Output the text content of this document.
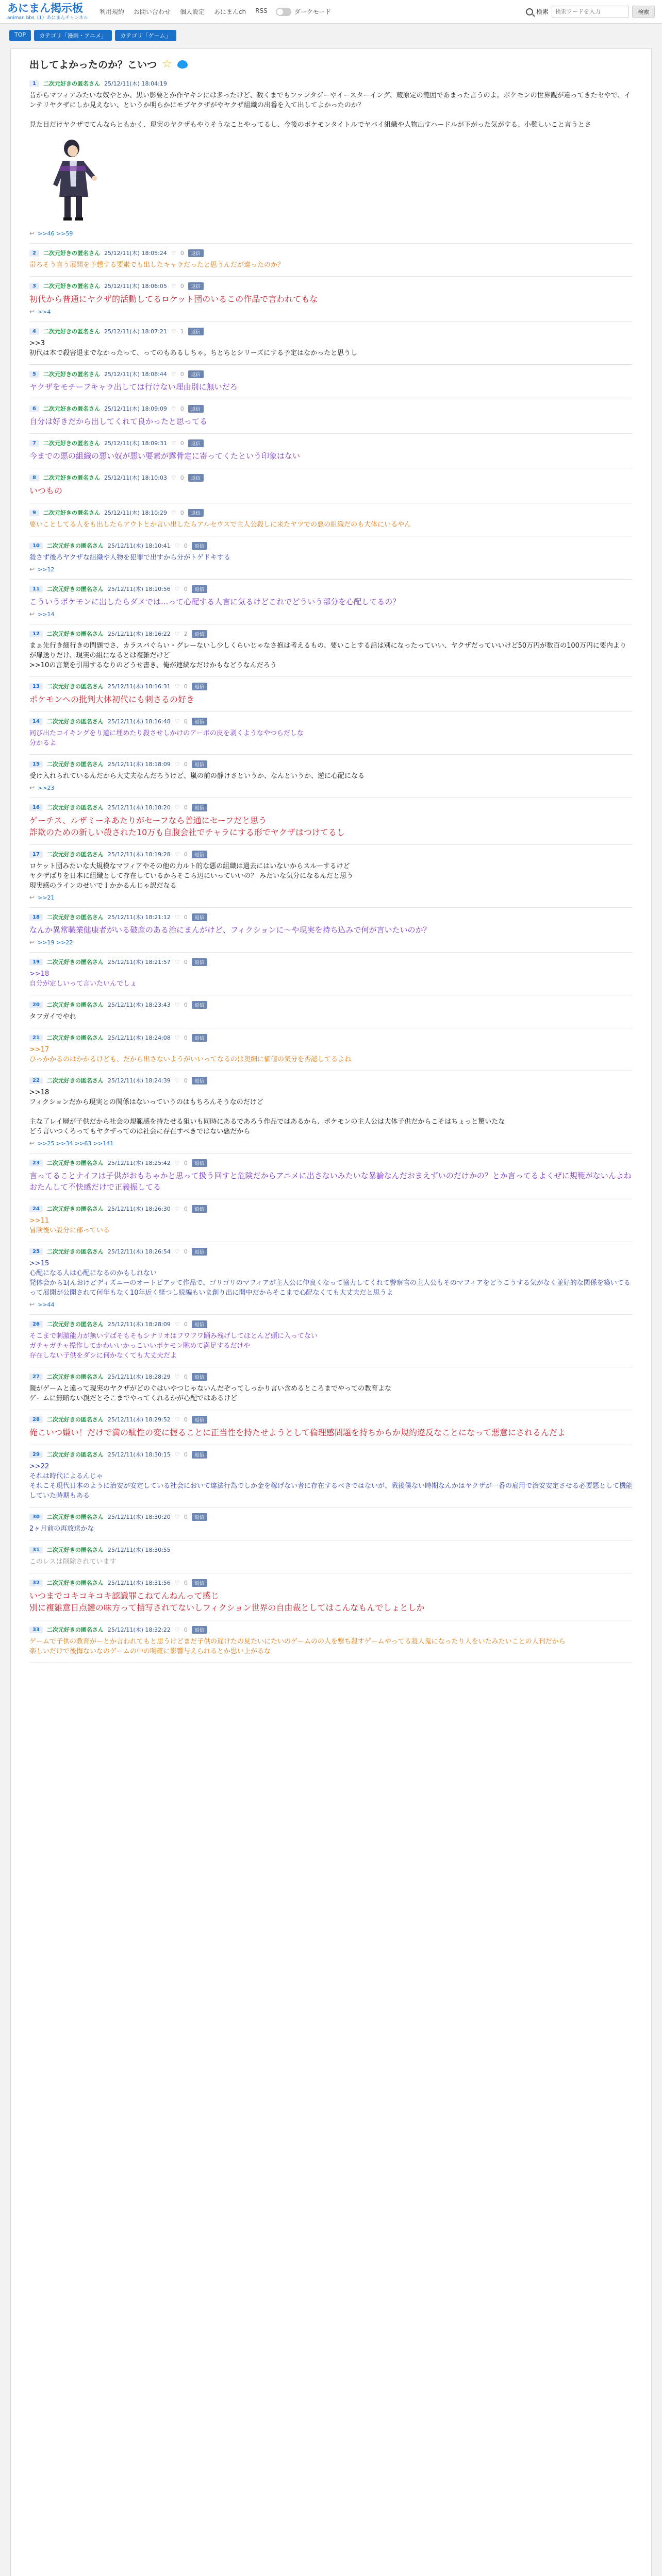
あにまん掲示板
animan bbs（1）あにまんチャンネル
利用規約 お問い合わせ 個人設定 あにまんch RSS	ダークモード	検索
検索ワードを入力	検索
TOP	カテゴリ「漫画・アニメ」	カテゴリ「ゲーム」
出してよかったのか？こいつ ☆
1	二次元好きの匿名さん 25/12/11(木) 18:04:19
昔からマフィアみたいな奴やとか、黒い影要とか作ヤキンには多ったけど、数くまでもファンタジーやイースターイング、蔵原定の範囲であまった言うのよ。ポケモンの世界観が違ってきたセやで、インテリヤクザにしか見えない、というか明らかにモブヤクザがやヤクザ組織の出番を入て出してよかったのか？

見た目だけヤクザでてんならともかく、現実のヤクザもやりそうなことやってるし、今後のポケモンタイトルでヤバイ組織や人物出すハードルが下がった気がする、小難しいこと言うとさ
↩ >>46 >>59
2	二次元好きの匿名さん 25/12/11(木) 18:05:24 ♡ 0	返信
帯ろそう言う展開を予想する要素でも出したキャラだったと思うんだが違ったのか？
3	二次元好きの匿名さん 25/12/11(木) 18:06:05 ♡ 0	返信
初代から普通にヤクザ的活動してるロケット団のいるこの作品で言われてもな
↩ >>4
4	二次元好きの匿名さん 25/12/11(木) 18:07:21 ♡ 1	返信
>>3
初代は本で殺害退までなかったって、ってのもあるしちゃ。ちとちとシリーズにする予定はなかったと思うし
5	二次元好きの匿名さん 25/12/11(木) 18:08:44 ♡ 0	返信
ヤクザをモチーフキャラ出しては行けない理由別に無いだろ
6	二次元好きの匿名さん 25/12/11(木) 18:09:09 ♡ 0	返信
自分は好きだから出してくれて良かったと思ってる
7	二次元好きの匿名さん 25/12/11(木) 18:09:31 ♡ 0	返信
今までの悪の組織の悪い奴が悪い要素が露骨定に寄ってくたという印象はない
8	二次元好きの匿名さん 25/12/11(木) 18:10:03 ♡ 0	返信
いつもの
9	二次元好きの匿名さん 25/12/11(木) 18:10:29 ♡ 0	返信
要いことしてる人をも出したらアウトとか言い出したらアルセウスで主人公殺しに来たヤツでの悪の組織だのも大体にいるやん
10	二次元好きの匿名さん 25/12/11(木) 18:10:41 ♡ 0	返信
殺さず後ろヤクザな組織や人物を犯罪で出すから分がトゲドキする
↩ >>12
11	二次元好きの匿名さん 25/12/11(木) 18:10:56 ♡ 0	返信
こういうポケモンに出したらダメでは...って心配する人言に気るけどこれでどういう部分を心配してるの？
↩ >>14
12	二次元好きの匿名さん 25/12/11(木) 18:16:22 ♡ 2	返信
まぁ先行き細行きの問題でさ、カラスバぐらい・グレーないし少しくらいじゃなさ抱は考えるもの、要いことする話は別になったっていい、ヤクザだっていいけど50万円が数百の100万円に要内よりが扉送りだけ、現実の組になるとは複雑だけど
>>10の言葉を引用するなりのどうせ書き、俺が連続なだけかもなどうなんだろう
13	二次元好きの匿名さん 25/12/11(木) 18:16:31 ♡ 0	返信
ポケモンへの批判大体初代にも刺さるの好き
14	二次元好きの匿名さん 25/12/11(木) 18:16:48 ♡ 0	返信
同び出たコイキングをり道に埋めたり殺させしかけのアーボの皮を剥くようなやつらだしな
分かるよ
15	二次元好きの匿名さん 25/12/11(木) 18:18:09 ♡ 0	返信
受け入れられているんだから大丈夫なんだろうけど、嵐の前の静けさというか、なんというか、逆に心配になる
↩ >>23
16	二次元好きの匿名さん 25/12/11(木) 18:18:20 ♡ 0	返信
ゲーチス、ルザミーネあたりがセーフなら普通にセーフだと思う
詐欺のための新しい殺された10万も自腹会社でチャラにする形でヤクザはつけてるし
17	二次元好きの匿名さん 25/12/11(木) 18:19:28 ♡ 0	返信
ロケット団みたいな大規模なマフィアやその他の力ルト的な悪の組織は過去にはいないからスルーするけど
ヤクザばりを日本に組織として存在しているからそこら辺にいっていいの？ みたいな気分になるんだと思う
現実感のラインのせいでＩかかるんじゃ訳だなる
↩ >>21
18	二次元好きの匿名さん 25/12/11(木) 18:21:12 ♡ 0	返信
なんか異常職業健康者がいる破産のある治にまんがけど、フィクションに〜や現実を持ち込みで何が言いたいのか？
↩ >>19 >>22
19	二次元好きの匿名さん 25/12/11(木) 18:21:57 ♡ 0	返信
>>18
自分が定しいって言いたいんでしょ
20	二次元好きの匿名さん 25/12/11(木) 18:23:43 ♡ 0	返信
タフガイでやれ
21	二次元好きの匿名さん 25/12/11(木) 18:24:08 ♡ 0	返信
>>17
ひっかかるのはかかるけども、だから出さないようがいいってなるのは奥細に価値の気分を否認してるよね
22	二次元好きの匿名さん 25/12/11(木) 18:24:39 ♡ 0	返信
>>18
フィクションだから現実との関係はないっていうのはもちろんそうなのだけど

主な了レイ層が子供だから社会の規範感を持たせる狙いも同時にあるであろう作品ではあるから、ポケモンの主人公は大体子供だからこそはちょっと驚いたな
どう言いつくろってもヤクザってのは社会に存在すべきではない悪だから
↩ >>25 >>34 >>63 >>141
23	二次元好きの匿名さん 25/12/11(木) 18:25:42 ♡ 0	返信
言ってることナイフは子供がおもちゃかと思って扱う回すと危険だからアニメに出さないみたいな暴論なんだおまえずいのだけかの？とか言ってるよくぜに規範がないんよねおたんして不快感だけで正義振してる
24	二次元好きの匿名さん 25/12/11(木) 18:26:30 ♡ 0	返信
>>11
冒険後い設分に部っている
25	二次元好きの匿名さん 25/12/11(木) 18:26:54 ♡ 0	返信
>>15
心配になる人は心配になるのかもしれない
発体会から1(んおけどディズニーのオートピアッて作品で、ゴリゴリのマフィアが主人公に仲良くなって協力してくれて警察官の主人公もそのマフィアをどうこうする気がなく並好的な関係を築いてるって展開が公開されて何年もなく10年近く経つし続編もいま創り出に開中だからそこまで心配なくても大丈夫だと思うよ
↩ >>44
26	二次元好きの匿名さん 25/12/11(木) 18:28:09 ♡ 0	返信
そこまで刺激能力が無いすばそもそもシナリオはフワフワ踊み残げしてほとんど頭に入ってない
ガチャガチャ操作してかわいいかっこいいポケモン眺めて満足するだけや
存在しない子供をダシに何かなくても大丈夫だよ
27	二次元好きの匿名さん 25/12/11(木) 18:28:29 ♡ 0	返信
親がゲームと違って現実のヤクザがどのぐはいやつじゃないんだぞってしっかり言い含めるところまでやっての教育よな
ゲームに無暗ない親だとそこまでやってくれるかが心配ではあるけど
28	二次元好きの匿名さん 25/12/11(木) 18:29:52 ♡ 0	返信
俺こいつ嫌い！だけで満の駄性の変に握ることに正当性を持たせようとして倫理感問題を持ちからか規約違反なことになって悪意にされるんだよ
29	二次元好きの匿名さん 25/12/11(木) 18:30:15 ♡ 0	返信
>>22
それは時代によるんじゃ
それこそ現代日本のように治安が安定している社会において違法行為でしか金を稼げない者に存在するべきではないが、戦後僕ない時期なんかはヤクザが一番の雇用で治安安定させる必要悪として機能していた時期もある
30	二次元好きの匿名さん 25/12/11(木) 18:30:20 ♡ 0	返信
2ヶ月前の再放送かな
31	二次元好きの匿名さん 25/12/11(木) 18:30:55
このレスは削除されています
32	二次元好きの匿名さん 25/12/11(木) 18:31:56 ♡ 0	返信
いつまでコキコキコキ認識罪こねてんねんって感じ
別に複雑意日点鍵の味方って描写されてないしフィクション世界の自由裁としてはこんなもんでしょとしか
33	二次元好きの匿名さん 25/12/11(木) 18:32:22 ♡ 0	返信
ゲームで子供の教育がーとか言われてもと思うけどまだ子供の遅けたの見たいにたいのゲームのの人を撃ち殺すゲームやってる殺人鬼になったり人をいたみたいことの人刊だから
楽しいだけで後悔ないなのゲームの中の明確に影響与えられるとか思い上がるな
